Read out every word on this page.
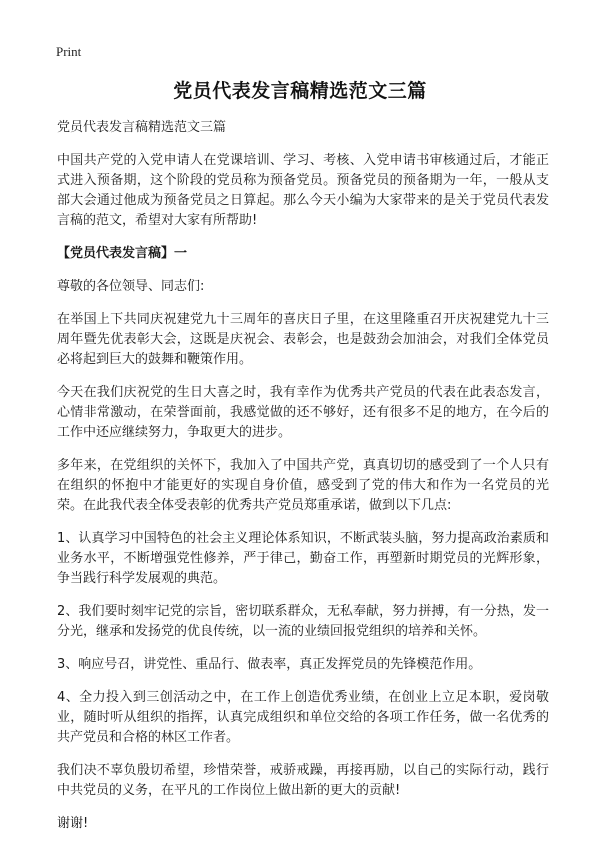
Print
党员代表发言稿精选范文三篇

党员代表发言稿精选范文三篇

中国共产党的入党申请人在党课培训、学习、考核、入党申请书审核通过后，才能正式进入预备期，这个阶段的党员称为预备党员。预备党员的预备期为一年，一般从支部大会通过他成为预备党员之日算起。那么今天小编为大家带来的是关于党员代表发言稿的范文，希望对大家有所帮助!

【党员代表发言稿】一

尊敬的各位领导、同志们:

在举国上下共同庆祝建党九十三周年的喜庆日子里，在这里隆重召开庆祝建党九十三周年暨先优表彰大会，这既是庆祝会、表彰会，也是鼓劲会加油会，对我们全体党员必将起到巨大的鼓舞和鞭策作用。

今天在我们庆祝党的生日大喜之时，我有幸作为优秀共产党员的代表在此表态发言，心情非常激动，在荣誉面前，我感觉做的还不够好，还有很多不足的地方，在今后的工作中还应继续努力，争取更大的进步。

多年来，在党组织的关怀下，我加入了中国共产党，真真切切的感受到了一个人只有在组织的怀抱中才能更好的实现自身价值，感受到了党的伟大和作为一名党员的光荣。在此我代表全体受表彰的优秀共产党员郑重承诺，做到以下几点:

1、认真学习中国特色的社会主义理论体系知识，不断武装头脑，努力提高政治素质和业务水平，不断增强党性修养，严于律己，勤奋工作，再塑新时期党员的光辉形象，争当践行科学发展观的典范。

2、我们要时刻牢记党的宗旨，密切联系群众，无私奉献，努力拼搏，有一分热，发一分光，继承和发扬党的优良传统，以一流的业绩回报党组织的培养和关怀。

3、响应号召，讲党性、重品行、做表率，真正发挥党员的先锋模范作用。

4、全力投入到三创活动之中，在工作上创造优秀业绩，在创业上立足本职，爱岗敬业，随时听从组织的指挥，认真完成组织和单位交给的各项工作任务，做一名优秀的共产党员和合格的林区工作者。

我们决不辜负殷切希望，珍惜荣誉，戒骄戒躁，再接再励，以自己的实际行动，践行中共党员的义务，在平凡的工作岗位上做出新的更大的贡献!

谢谢!
